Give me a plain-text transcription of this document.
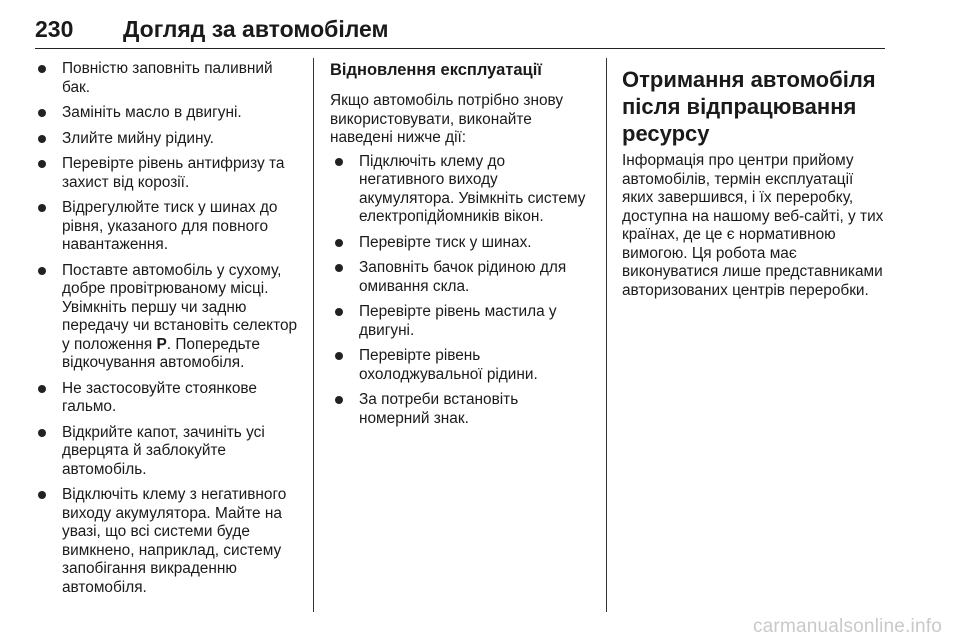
230 Догляд за автомобілем
Повністю заповніть паливний бак.
Замініть масло в двигуні.
Злийте мийну рідину.
Перевірте рівень антифризу та захист від корозії.
Відрегулюйте тиск у шинах до рівня, указаного для повного навантаження.
Поставте автомобіль у сухому, добре провітрюваному місці. Увімкніть першу чи задню передачу чи встановіть селектор у положення P. Попередьте відкочування автомобіля.
Не застосовуйте стоянкове гальмо.
Відкрийте капот, зачиніть усі дверцята й заблокуйте автомобіль.
Відключіть клему з негативного виходу акумулятора. Майте на увазі, що всі системи буде вимкнено, наприклад, систему запобігання викраденню автомобіля.
Відновлення експлуатації

Якщо автомобіль потрібно знову використовувати, виконайте наведені нижче дії:

Підключіть клему до негативного виходу акумулятора. Увімкніть систему електропідйомників вікон.
Перевірте тиск у шинах.
Заповніть бачок рідиною для омивання скла.
Перевірте рівень мастила у двигуні.
Перевірте рівень охолоджувальної рідини.
За потреби встановіть номерний знак.
Отримання автомобіля після відпрацювання ресурсу

Інформація про центри прийому автомобілів, термін експлуатації яких завершився, і їх переробку, доступна на нашому веб-сайті, у тих країнах, де це є нормативною вимогою. Ця робота має виконуватися лише представниками авторизованих центрів переробки.

carmanualsonline.info
